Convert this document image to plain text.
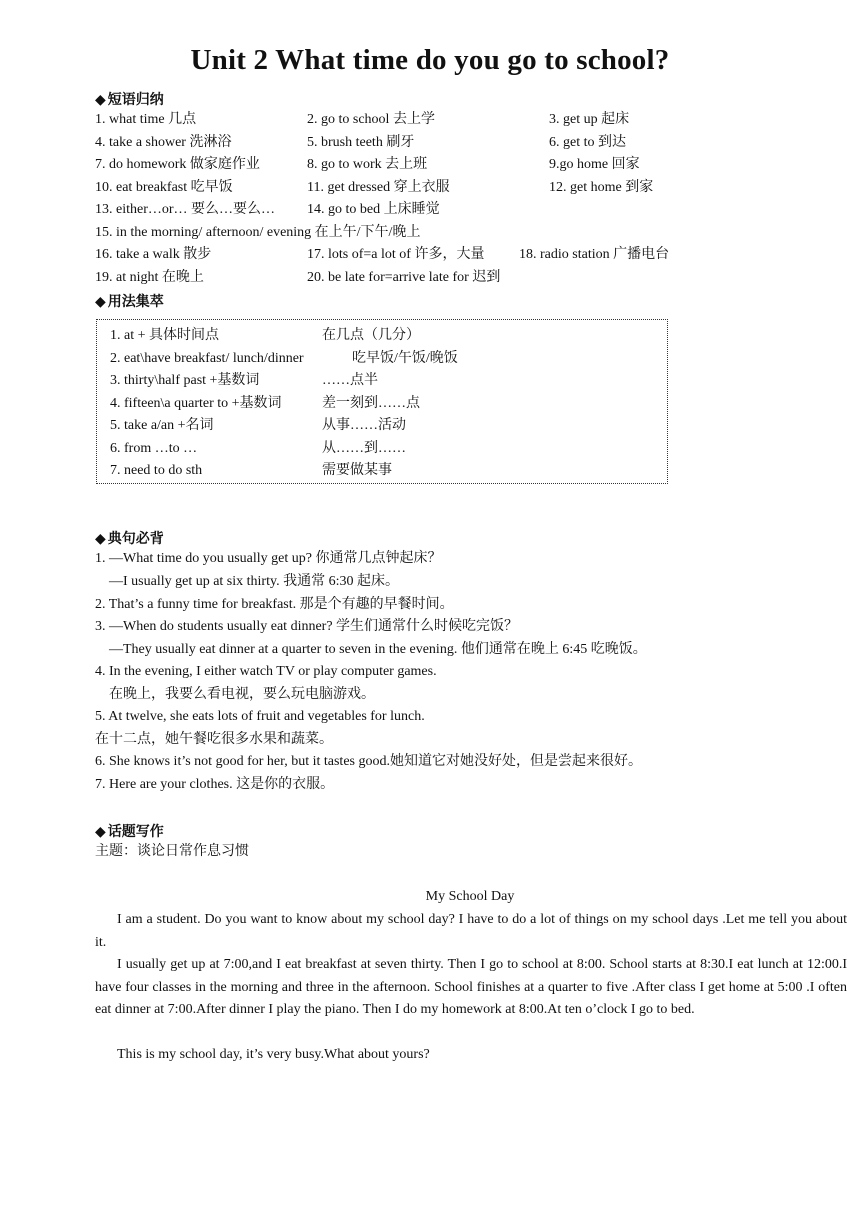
Unit 2 What time do you go to school?
◆ 短语归纳
1. what time 几点	2. go to school 去上学	3. get up 起床
4. take a shower 洗淋浴	5. brush teeth 刷牙	6. get to 到达
7. do homework 做家庭作业	8. go to work 去上班	9.go home 回家
10. eat breakfast 吃早饭	11. get dressed 穿上衣服	12. get home 到家
13. either…or… 要么…要么… 14. go to bed 上床睡觉
15. in the morning/ afternoon/ evening 在上午/下午/晚上
16. take a walk 散步	17. lots of=a lot of 许多，大量 18. radio station 广播电台
19. at night 在晚上	20. be late for=arrive late for 迟到
◆ 用法集萃
1. at + 具体时间点	在几点（几分）
2. eat\have breakfast/ lunch/dinner	吃早饭/午饭/晚饭
3. thirty\half past +基数词	……点半
4. fifteen\a quarter to +基数词	差一刻到……点
5. take a/an +名词	从事……活动
6. from …to …	从……到……
7. need to do sth	需要做某事
◆ 典句必背
1. —What time do you usually get up? 你通常几点钟起床？
—I usually get up at six thirty. 我通常 6:30 起床。
2. That’s a funny time for breakfast. 那是个有趣的早餐时间。
3. —When do students usually eat dinner? 学生们通常什么时候吃完饭？
—They usually eat dinner at a quarter to seven in the evening. 他们通常在晚上 6:45 吃晚饭。
4. In the evening, I either watch TV or play computer games.
在晚上，我要么看电视，要么玩电脑游戏。
5. At twelve, she eats lots of fruit and vegetables for lunch.
在十二点，她午餐吃很多水果和蔬菜。
6. She knows it’s not good for her, but it tastes good.她知道它对她没好处，但是尝起来很好。
7. Here are your clothes. 这是你的衣服。
◆ 话题写作
主题：谈论日常作息习惯
My School Day
I am a student. Do you want to know about my school day? I have to do a lot of things on my school days .Let me tell you about it.
I usually get up at 7:00,and I eat breakfast at seven thirty. Then I go to school at 8:00. School starts at 8:30.I eat lunch at 12:00.I have four classes in the morning and three in the afternoon. School finishes at a quarter to five .After class I get home at 5:00 .I often eat dinner at 7:00.After dinner I play the piano. Then I do my homework at 8:00.At ten o’clock I go to bed.
This is my school day, it’s very busy.What about yours?
